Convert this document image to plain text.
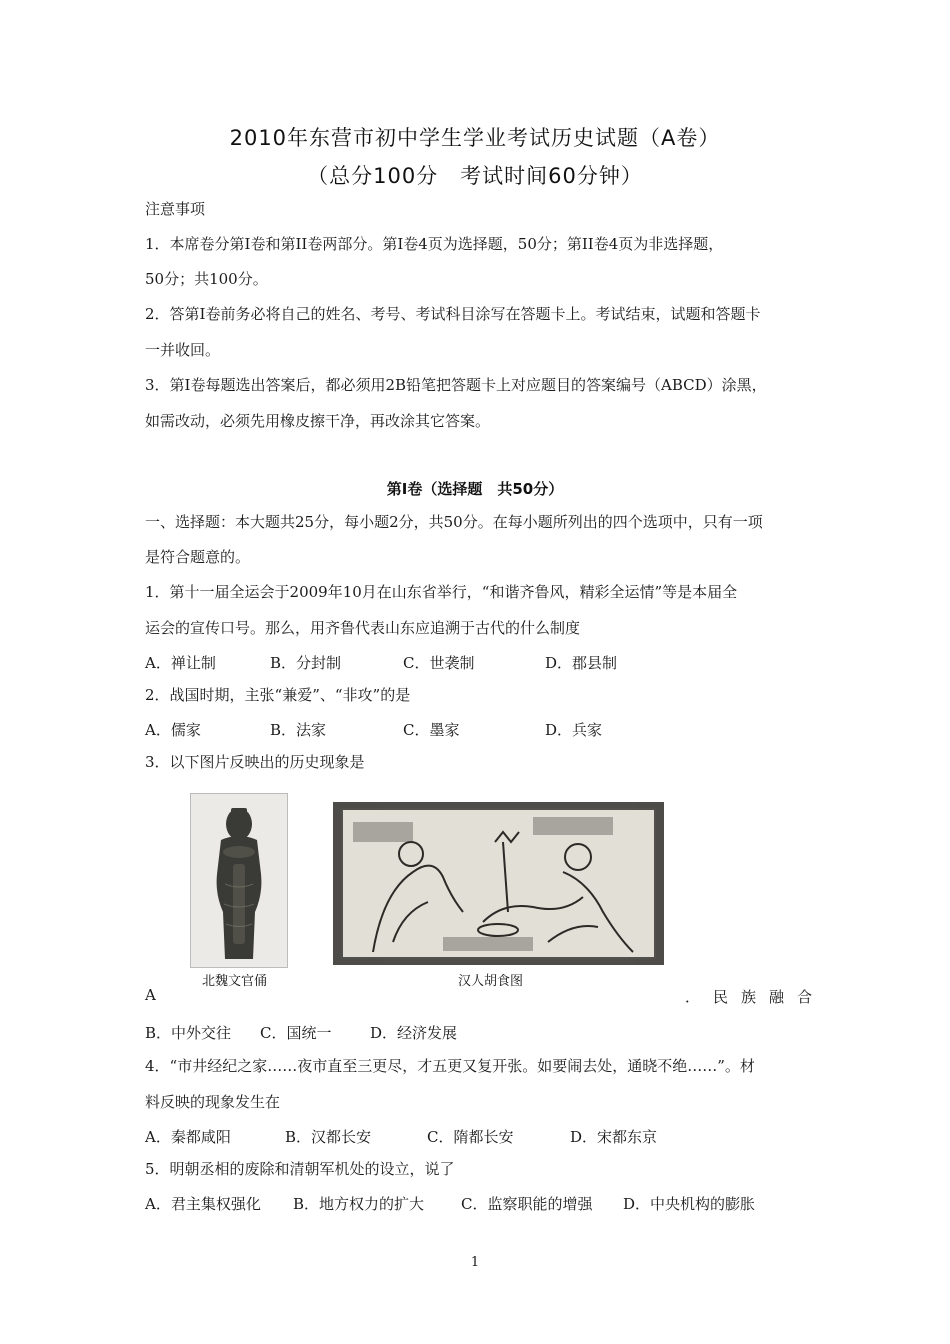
2010年东营市初中学生学业考试历史试题（A卷）
（总分100分　考试时间60分钟）
注意事项
1．本席卷分第Ⅰ卷和第II卷两部分。第Ⅰ卷4页为选择题，50分；第II卷4页为非选择题，
50分；共100分。
2．答第Ⅰ卷前务必将自己的姓名、考号、考试科目涂写在答题卡上。考试结束，试题和答题卡
一并收回。
3．第Ⅰ卷每题选出答案后，都必须用2B铅笔把答题卡上对应题目的答案编号（ABCD）涂黑，
如需改动，必须先用橡皮擦干净，再改涂其它答案。
第Ⅰ卷（选择题　共50分）
一、选择题：本大题共25分，每小题2分，共50分。在每小题所列出的四个选项中，只有一项
是符合题意的。
1．第十一届全运会于2009年10月在山东省举行，“和谐齐鲁风，精彩全运情”等是本届全
运会的宣传口号。那么，用齐鲁代表山东应追溯于古代的什么制度
A．禅让制	B．分封制	C．世袭制	D．郡县制
2．战国时期，主张“兼爱”、“非攻”的是
A．儒家	B．法家	C．墨家	D．兵家
3．以下图片反映出的历史现象是
北魏文官俑	汉人胡食图
A	．民族融合
B．中外交往 C．国统一	D．经济发展
4．“市井经纪之家……夜市直至三更尽，才五更又复开张。如要闹去处，通晓不绝……”。材
料反映的现象发生在
A．秦都咸阳	B．汉都长安	C．隋都长安	D．宋都东京
5．明朝丞相的废除和清朝军机处的设立，说了
A．君主集权强化 B．地方权力的扩大 C．监察职能的增强 D．中央机构的膨胀
1
